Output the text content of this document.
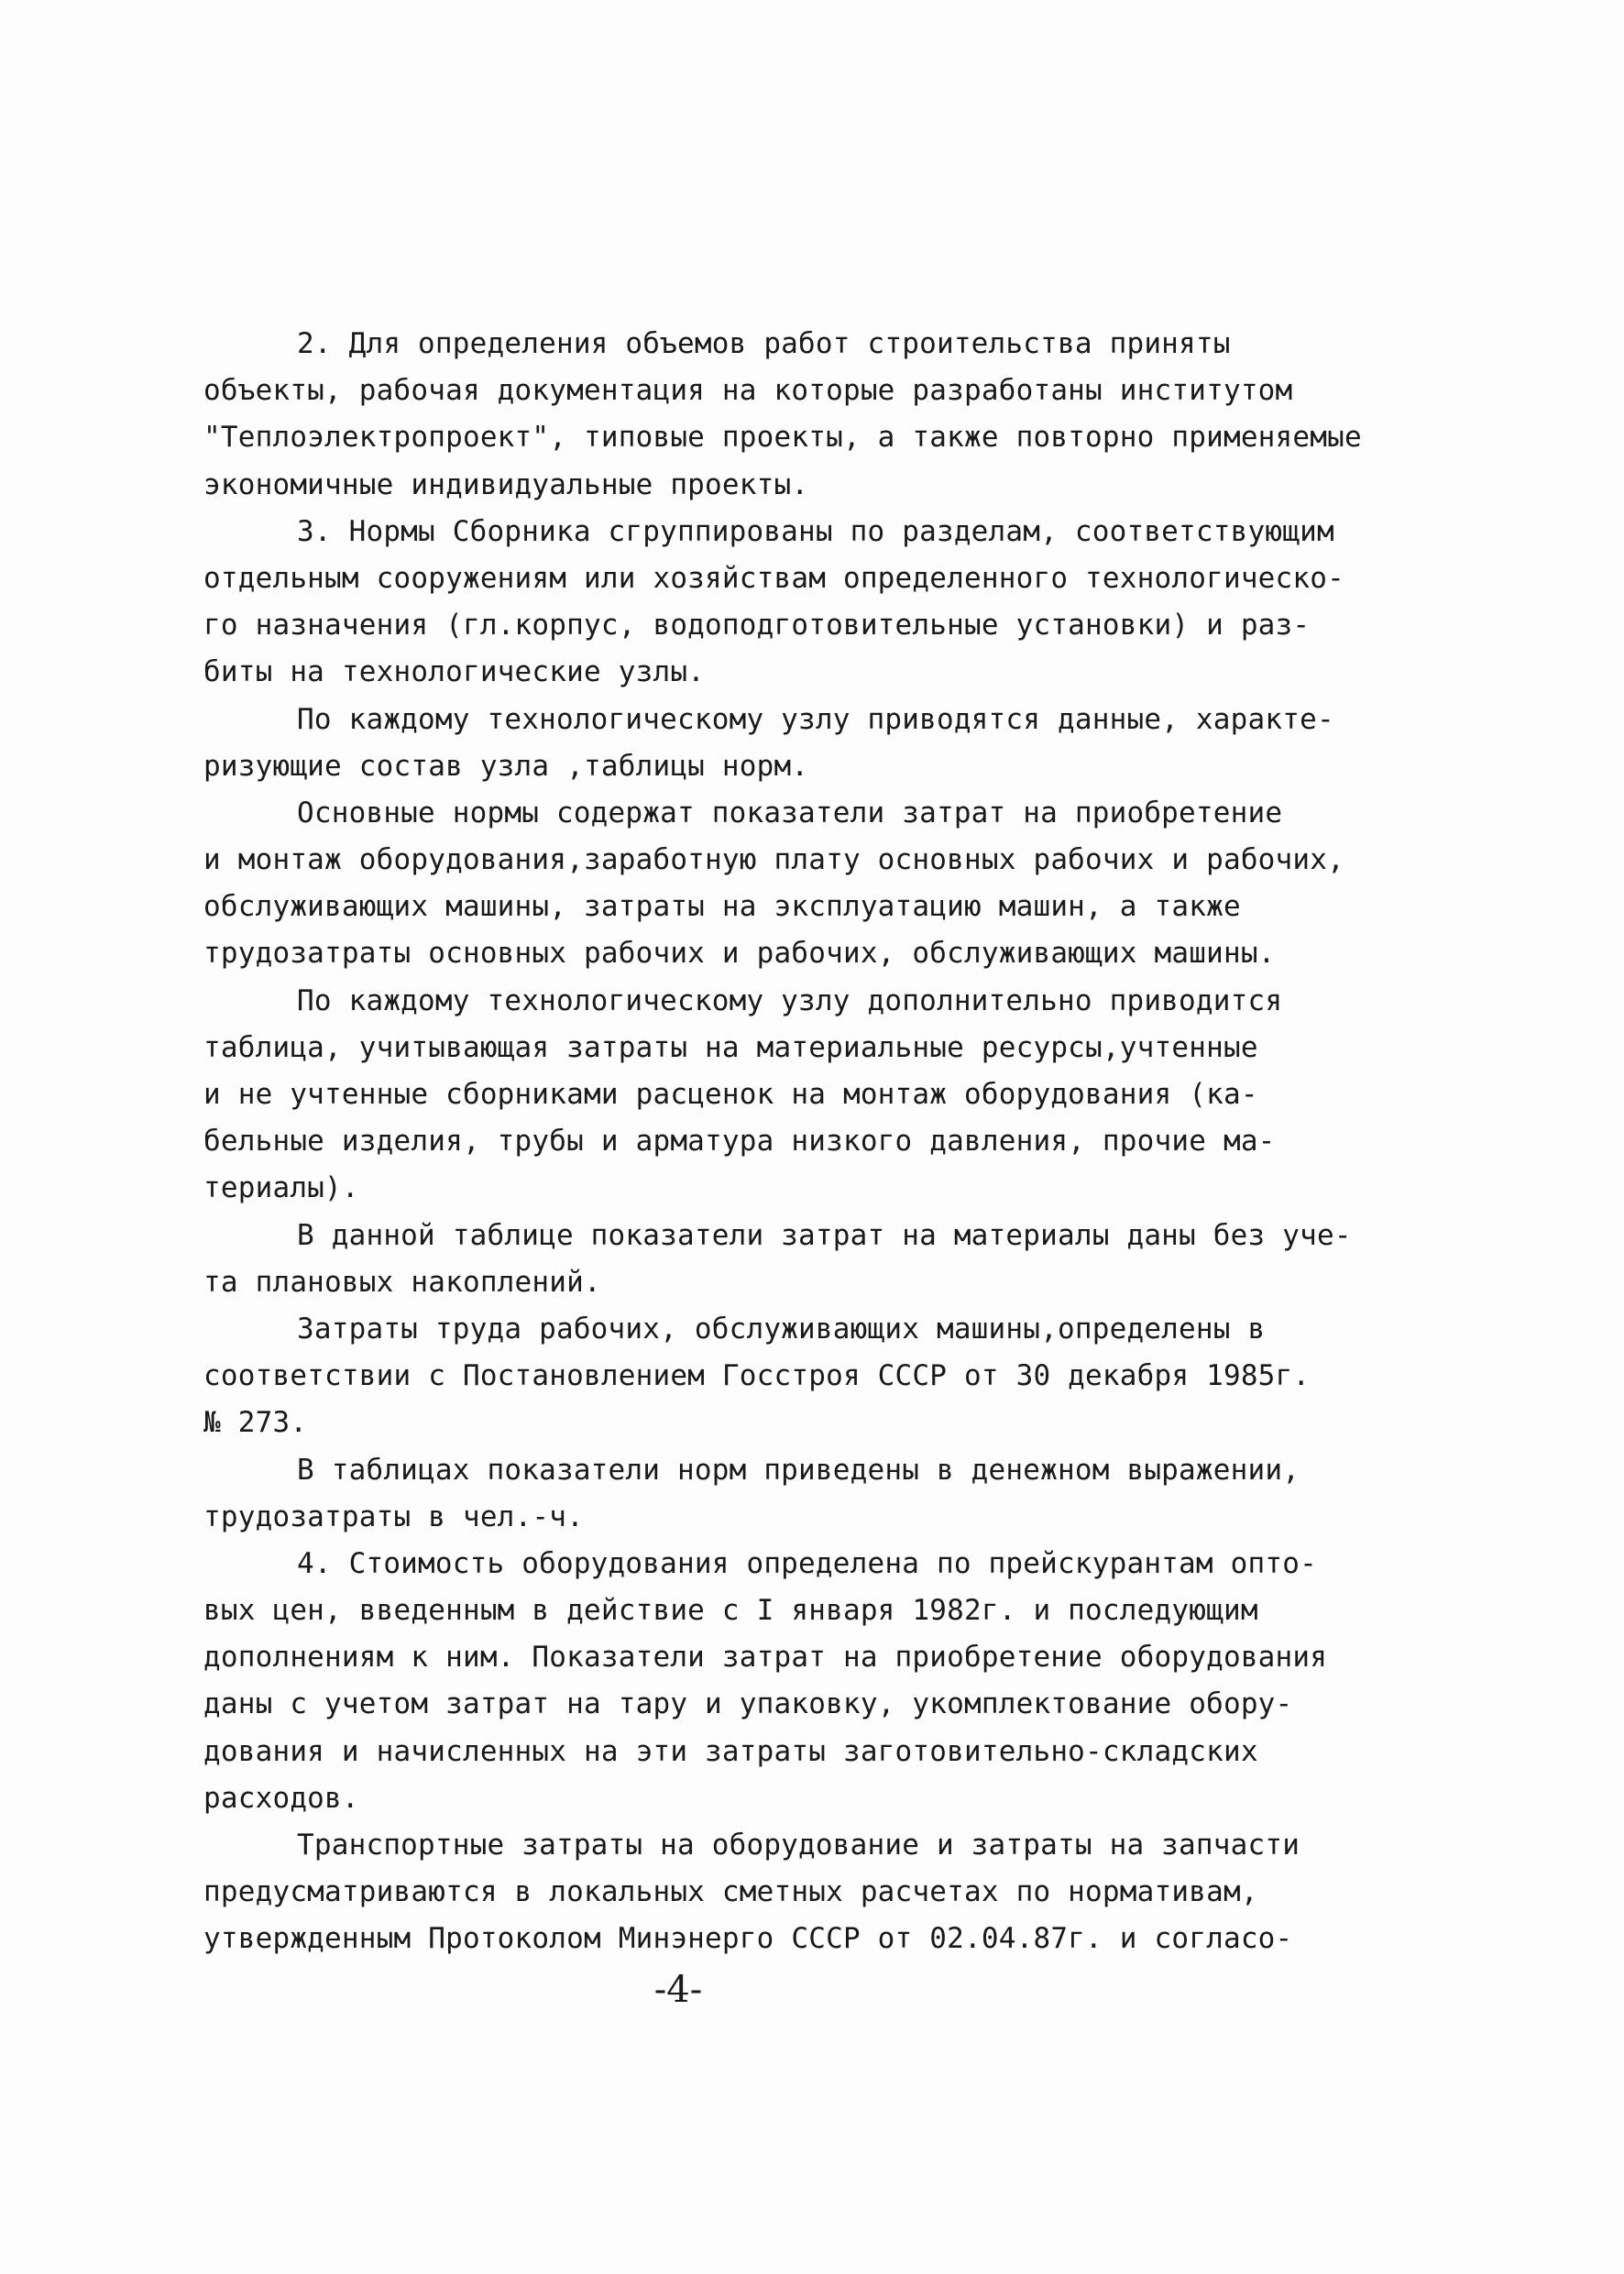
2. Для определения объемов работ строительства приняты
объекты, рабочая документация на которые разработаны институтом
"Теплоэлектропроект", типовые проекты, а также повторно применяемые
экономичные индивидуальные проекты.
3. Нормы Сборника сгруппированы по разделам, соответствующим
отдельным сооружениям или хозяйствам определенного технологическо-
го назначения (гл.корпус, водоподготовительные установки) и раз-
биты на технологические узлы.
По каждому технологическому узлу приводятся данные, характе-
ризующие состав узла ,таблицы норм.
Основные нормы содержат показатели затрат на приобретение
и монтаж оборудования,заработную плату основных рабочих и рабочих,
обслуживающих машины, затраты на эксплуатацию машин, а также
трудозатраты основных рабочих и рабочих, обслуживающих машины.
По каждому технологическому узлу дополнительно приводится
таблица, учитывающая затраты на материальные ресурсы,учтенные
и не учтенные сборниками расценок на монтаж оборудования (ка-
бельные изделия, трубы и арматура низкого давления, прочие ма-
териалы).
В данной таблице показатели затрат на материалы даны без уче-
та плановых накоплений.
Затраты труда рабочих, обслуживающих машины,определены в
соответствии с Постановлением Госстроя СССР от 30 декабря 1985г.
№ 273.
В таблицах показатели норм приведены в денежном выражении,
трудозатраты в чел.-ч.
4. Стоимость оборудования определена по прейскурантам опто-
вых цен, введенным в действие с I января 1982г. и последующим
дополнениям к ним. Показатели затрат на приобретение оборудования
даны с учетом затрат на тару и упаковку, укомплектование обору-
дования и начисленных на эти затраты заготовительно-складских
расходов.
Транспортные затраты на оборудование и затраты на запчасти
предусматриваются в локальных сметных расчетах по нормативам,
утвержденным Протоколом Минэнерго СССР от 02.04.87г. и согласо-
-4-
